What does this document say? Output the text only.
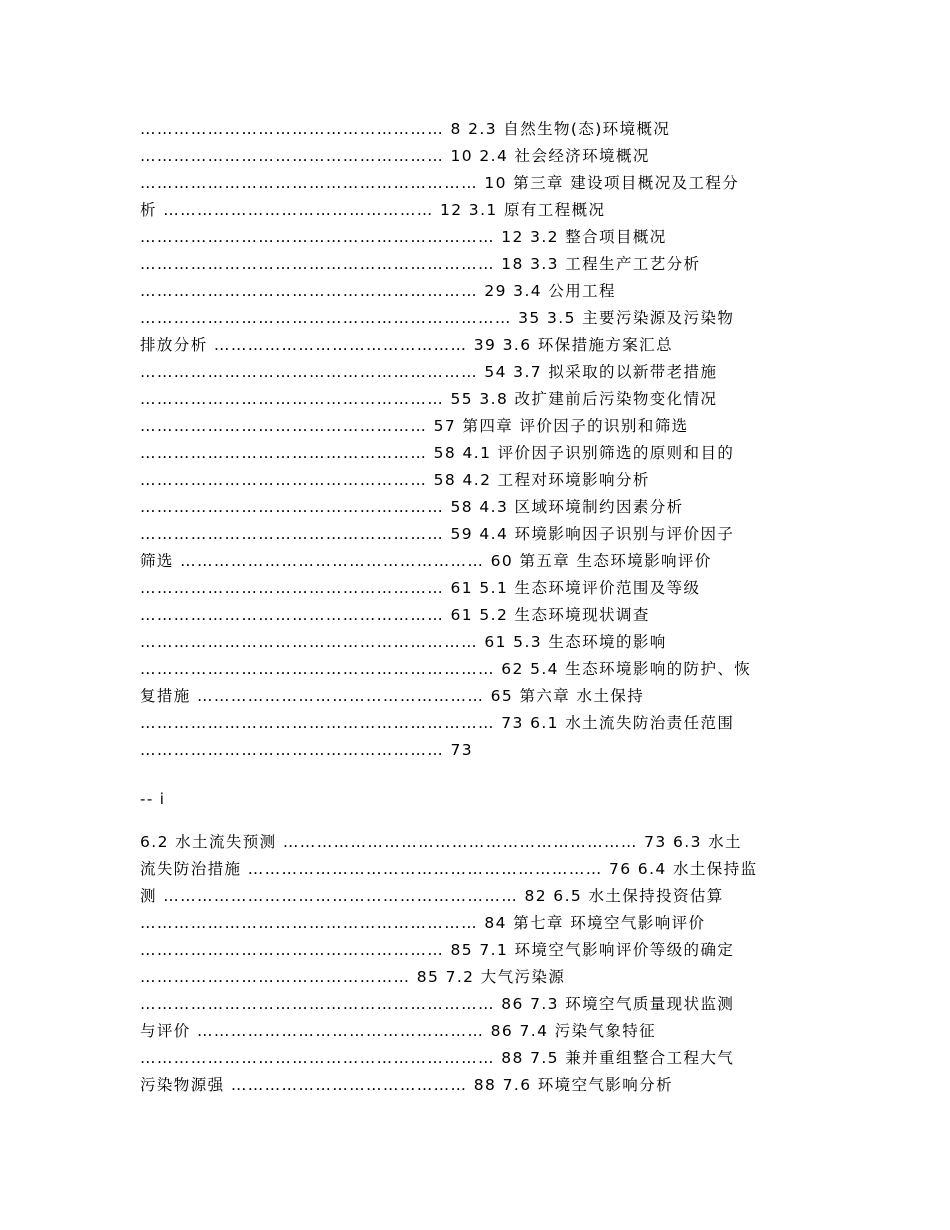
……………………………………………… 8 2.3 自然生物(态)环境概况
……………………………………………… 10 2.4 社会经济环境概况
…………………………………………………… 10 第三章 建设项目概况及工程分
析 ………………………………………… 12 3.1 原有工程概况
……………………………………………………… 12 3.2 整合项目概况
……………………………………………………… 18 3.3 工程生产工艺分析
…………………………………………………… 29 3.4 公用工程
………………………………………………………… 35 3.5 主要污染源及污染物
排放分析 ……………………………………… 39 3.6 环保措施方案汇总
…………………………………………………… 54 3.7 拟采取的以新带老措施
……………………………………………… 55 3.8 改扩建前后污染物变化情况
…………………………………………… 57 第四章 评价因子的识别和筛选
…………………………………………… 58 4.1 评价因子识别筛选的原则和目的
…………………………………………… 58 4.2 工程对环境影响分析
……………………………………………… 58 4.3 区域环境制约因素分析
……………………………………………… 59 4.4 环境影响因子识别与评价因子
筛选 ……………………………………………… 60 第五章 生态环境影响评价
……………………………………………… 61 5.1 生态环境评价范围及等级
……………………………………………… 61 5.2 生态环境现状调查
…………………………………………………… 61 5.3 生态环境的影响
……………………………………………………… 62 5.4 生态环境影响的防护、恢
复措施 …………………………………………… 65 第六章 水土保持
……………………………………………………… 73 6.1 水土流失防治责任范围
……………………………………………… 73
-- i
6.2 水土流失预测 ……………………………………………………… 73 6.3 水土
流失防治措施 ……………………………………………………… 76 6.4 水土保持监
测 ……………………………………………………… 82 6.5 水土保持投资估算
…………………………………………………… 84 第七章 环境空气影响评价
……………………………………………… 85 7.1 环境空气影响评价等级的确定
………………………………………… 85 7.2 大气污染源
……………………………………………………… 86 7.3 环境空气质量现状监测
与评价 …………………………………………… 86 7.4 污染气象特征
……………………………………………………… 88 7.5 兼并重组整合工程大气
污染物源强 …………………………………… 88 7.6 环境空气影响分析
